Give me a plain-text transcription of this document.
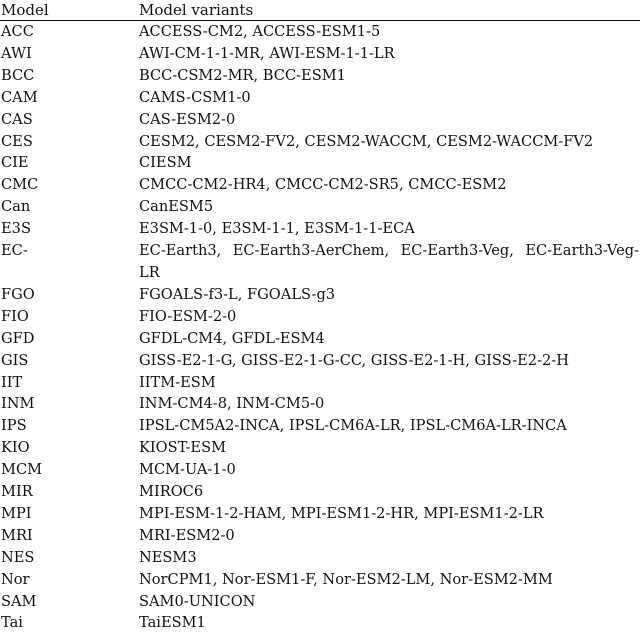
Model	Model variants
ACC	ACCESS-CM2, ACCESS-ESM1-5
AWI	AWI-CM-1-1-MR, AWI-ESM-1-1-LR
BCC	BCC-CSM2-MR, BCC-ESM1
CAM	CAMS-CSM1-0
CAS	CAS-ESM2-0
CES	CESM2, CESM2-FV2, CESM2-WACCM, CESM2-WACCM-FV2
CIE	CIESM
CMC	CMCC-CM2-HR4, CMCC-CM2-SR5, CMCC-ESM2
Can	CanESM5
E3S	E3SM-1-0, E3SM-1-1, E3SM-1-1-ECA
EC-	EC-Earth3, EC-Earth3-AerChem, EC-Earth3-Veg, EC-Earth3-Veg-LR
FGO	FGOALS-f3-L, FGOALS-g3
FIO	FIO-ESM-2-0
GFD	GFDL-CM4, GFDL-ESM4
GIS	GISS-E2-1-G, GISS-E2-1-G-CC, GISS-E2-1-H, GISS-E2-2-H
IIT	IITM-ESM
INM	INM-CM4-8, INM-CM5-0
IPS	IPSL-CM5A2-INCA, IPSL-CM6A-LR, IPSL-CM6A-LR-INCA
KIO	KIOST-ESM
MCM	MCM-UA-1-0
MIR	MIROC6
MPI	MPI-ESM-1-2-HAM, MPI-ESM1-2-HR, MPI-ESM1-2-LR
MRI	MRI-ESM2-0
NES	NESM3
Nor	NorCPM1, Nor-ESM1-F, Nor-ESM2-LM, Nor-ESM2-MM
SAM	SAM0-UNICON
Tai	TaiESM1
